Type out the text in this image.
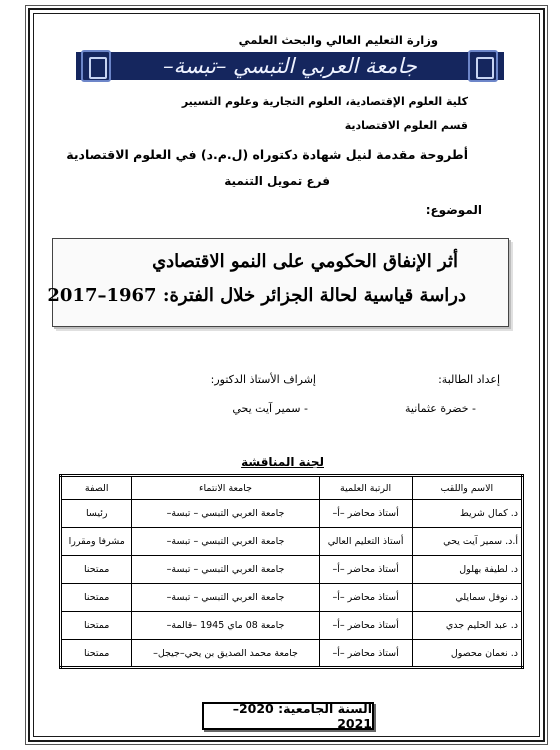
وزارة التعليم العالي والبحث العلمي
جامعة العربي التبسي –تبسة–
كلية العلوم الإقتصادية، العلوم التجارية وعلوم التسيير
قسم العلوم الاقتصادية
أطروحة مقدمة لنيل شهادة دكتوراه (ل.م.د) في العلوم الاقتصادية
فرع تمويل التنمية
الموضوع:
أثر الإنفاق الحكومي على النمو الاقتصادي
دراسة قياسية لحالة الجزائر خلال الفترة: 1967–2017
إعداد الطالبة:
إشراف الأستاذ الدكتور:
- خضرة عثمانية
- سمير آيت يحي
لجنة المناقشة
الاسم واللقب	الرتبة العلمية	جامعة الانتماء	الصفة
د. كمال شريط	أستاذ محاضر –أ–	جامعة العربي التبسي – تبسة–	رئيسا
أ.د. سمير آيت يحي	أستاذ التعليم العالي	جامعة العربي التبسي – تبسة–	مشرفا ومقررا
د. لطيفة بهلول	أستاذ محاضر –أ–	جامعة العربي التبسي – تبسة–	ممتحنا
د. نوفل سمايلي	أستاذ محاضر –أ–	جامعة العربي التبسي – تبسة–	ممتحنا
د. عبد الحليم جدي	أستاذ محاضر –أ–	جامعة 08 ماي 1945 –قالمة–	ممتحنا
د. نعمان محصول	أستاذ محاضر –أ–	جامعة محمد الصديق بن يحي–جيجل–	ممتحنا
السنة الجامعية: 2020–2021
